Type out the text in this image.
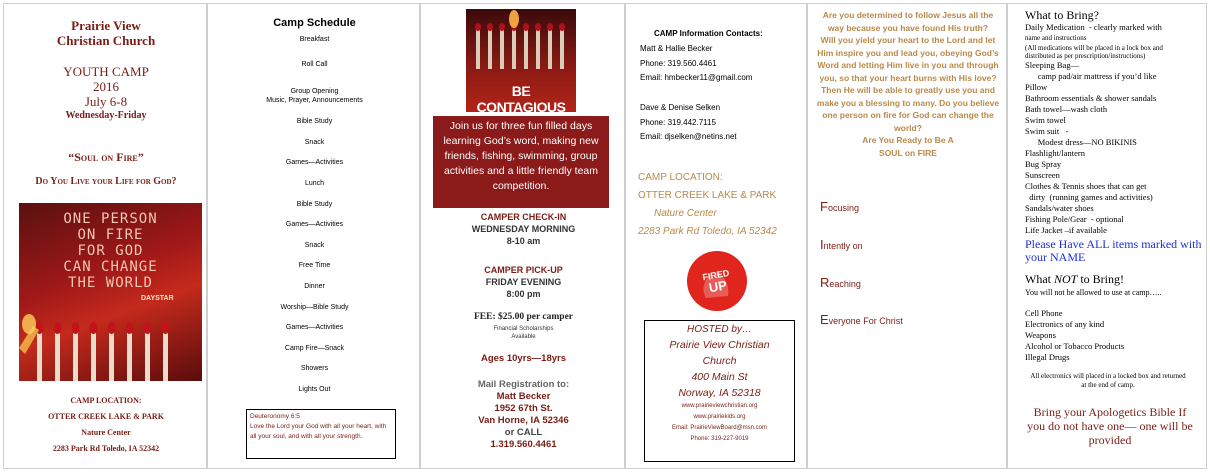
Prairie View
Christian Church
YOUTH CAMP
2016
July 6-8
Wednesday-Friday
“Soul on Fire”
Do You Live your Life for God?
ONE PERSON
ON FIRE
FOR GOD
CAN CHANGE
THE WORLD
DAYSTAR
CAMP LOCATION:
OTTER CREEK LAKE & PARK
Nature Center
2283 Park Rd Toledo, IA 52342
Camp Schedule
Breakfast
Roll Call
Group Opening
Music, Prayer, Announcements
Bible Study
Snack
Games—Activities
Lunch
Bible Study
Games—Activities
Snack
Free Time
Dinner
Worship—Bible Study
Games—Activities
Camp Fire—Snack
Showers
Lights Out
Deuteronomy 6:5
Love the Lord your God with all your heart, with all your soul, and with all your strength.
BE CONTAGIOUS
Join us for three fun filled days learning God’s word, making new friends, fishing, swimming, group activities and a little friendly team competition.
CAMPER CHECK-IN
WEDNESDAY MORNING
8-10 am
CAMPER PICK-UP
FRIDAY EVENING
8:00 pm
FEE: $25.00 per camper
Financial Scholarships
Available
Ages 10yrs—18yrs
Mail Registration to:
Matt Becker
1952 67th St.
Van Horne, IA 52346
or CALL
1.319.560.4461
CAMP Information Contacts:
Matt & Hallie Becker
Phone: 319.560.4461
Email: hmbecker11@gmail.com
Dave & Denise Selken
Phone: 319.442.7115
Email: djselken@netins.net
CAMP LOCATION:
OTTER CREEK LAKE & PARK
Nature Center
2283 Park Rd Toledo, IA 52342
FIRED
UP
HOSTED by…
Prairie View Christian
Church
400 Main St
Norway, IA 52318
www.prairieviewchristian.org
www.prairiekids.org
Email: PrairieViewBoard@msn.com
Phone: 319-227-9019
Are you determined to follow Jesus all the way because you have found His truth?
Will you yield your heart to the Lord and let Him inspire you and lead you, obeying God’s Word and letting Him live in you and through you, so that your heart burns with His love? Then He will be able to greatly use you and make you a blessing to many. Do you believe one person on fire for God can change the world?
Are You Ready to Be A
SOUL on FIRE
Focusing
Intently on
Reaching
Everyone For Christ
What to Bring?
Daily Medication  - clearly marked with
name and instructions
(All medications will be placed in a lock box and
distributed as per prescription/instructions)
Sleeping Bag—
camp pad/air mattress if you’d like
Pillow
Bathroom essentials & shower sandals
Bath towel—wash cloth
Swim towel
Swim suit   -
Modest dress—NO BIKINIS
Flashlight/lantern
Bug Spray
Sunscreen
Clothes & Tennis shoes that can get
dirty  (running games and activities)
Sandals/water shoes
Fishing Pole/Gear  - optional
Life Jacket –if available
Please Have ALL items marked with your NAME
What NOT to Bring!
You will not be allowed to use at camp…..
Cell Phone
Electronics of any kind
Weapons
Alcohol or Tobacco Products
Illegal Drugs
All electronics will placed in a locked box and returned at the end of camp.
Bring your Apologetics Bible If you do not have one— one will be provided
